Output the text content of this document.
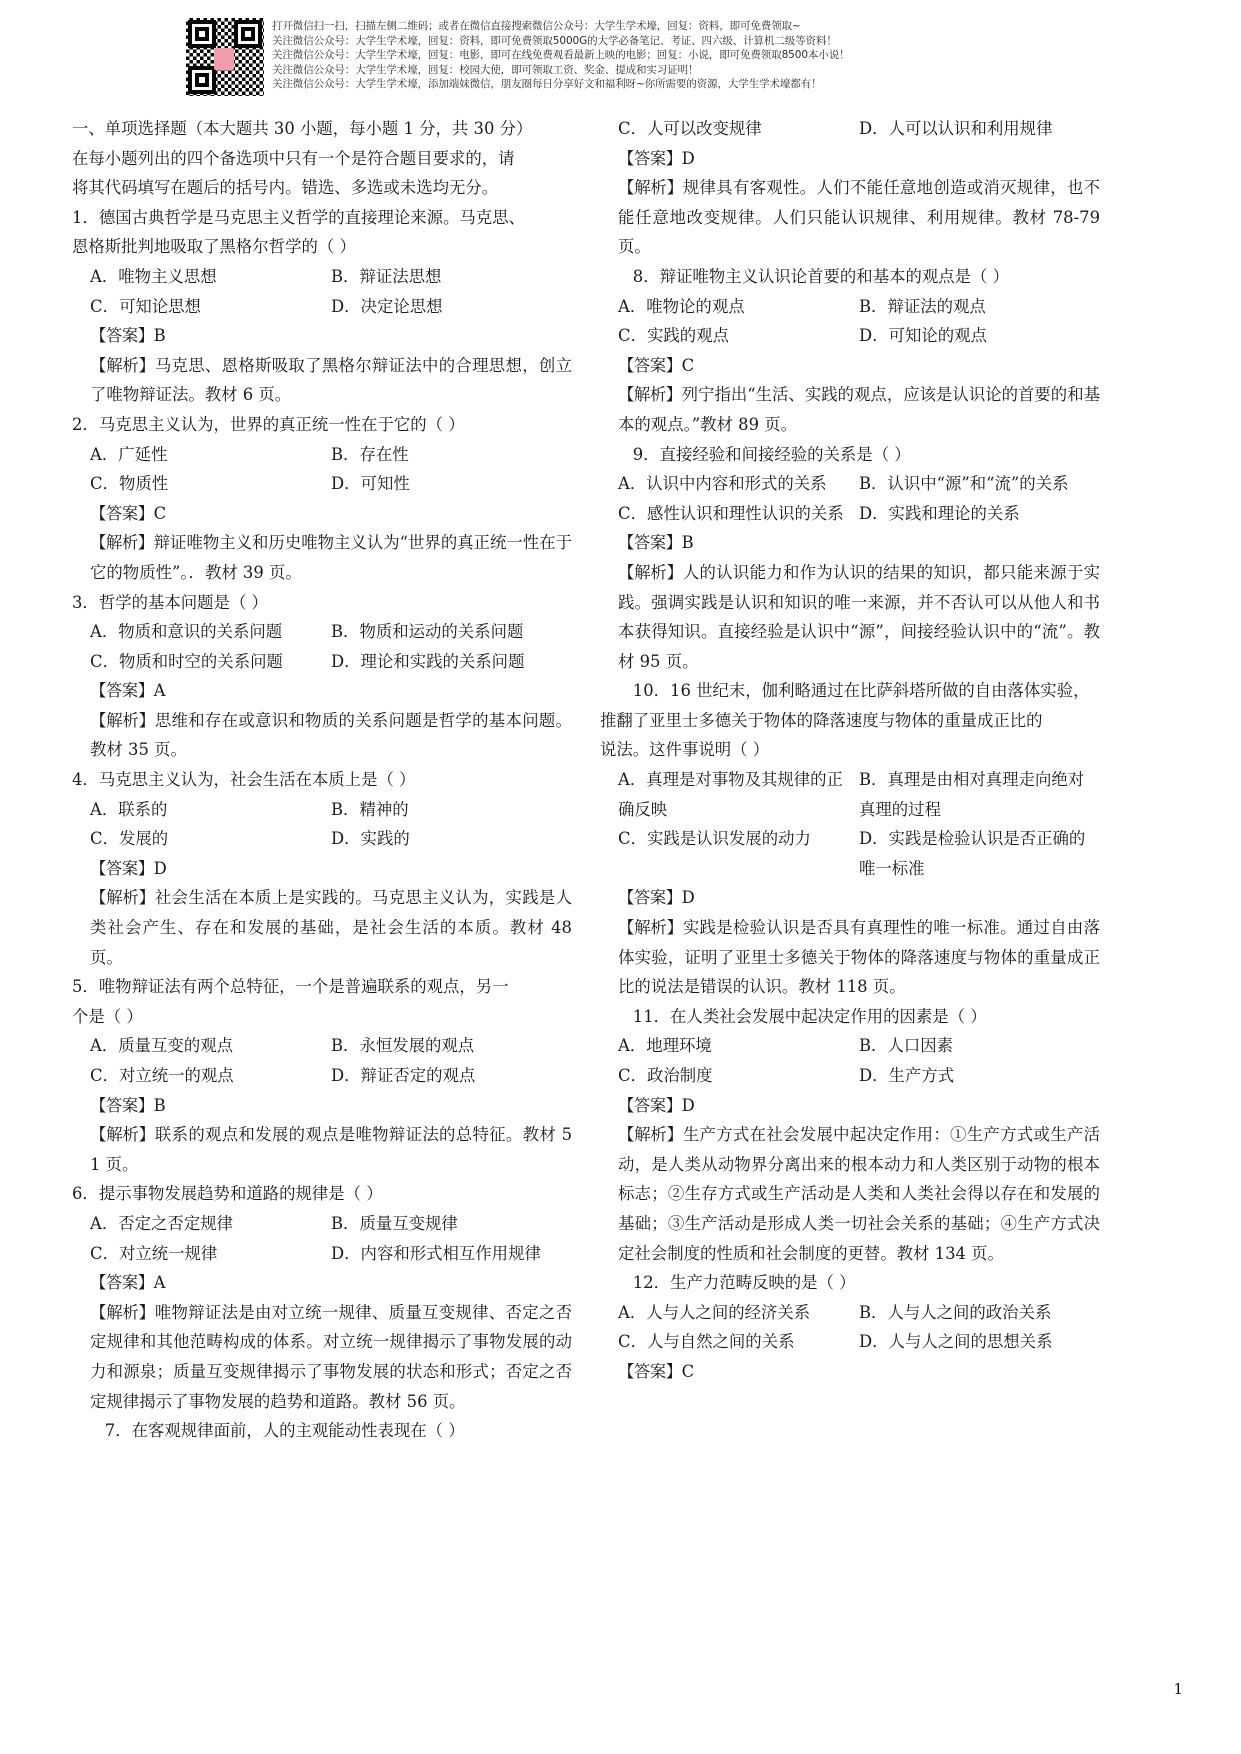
打开微信扫一扫，扫描左侧二维码；或者在微信直接搜索微信公众号：大学生学术壕，回复：资料，即可免费领取~
关注微信公众号：大学生学术壕，回复：资料，即可免费领取5000G的大学必备笔记、考证、四六级、计算机二级等资料！
关注微信公众号：大学生学术壕，回复：电影，即可在线免费观看最新上映的电影；回复：小说，即可免费领取8500本小说！
关注微信公众号：大学生学术壕，回复：校园大使，即可领取工资、奖金、提成和实习证明！
关注微信公众号：大学生学术壕，添加端妹微信，朋友圈每日分享好文和福利呀~你所需要的资源，大学生学术壕都有！

一、单项选择题（本大题共 30 小题，每小题 1 分，共 30 分）

在每小题列出的四个备选项中只有一个是符合题目要求的，请

将其代码填写在题后的括号内。错选、多选或未选均无分。

1．德国古典哲学是马克思主义哲学的直接理论来源。马克思、

恩格斯批判地吸取了黑格尔哲学的（ ）

A．唯物主义思想	B．辩证法思想
C．可知论思想	D．决定论思想

【答案】B

【解析】马克思、恩格斯吸取了黑格尔辩证法中的合理思想，创立了唯物辩证法。教材 6 页。

2．马克思主义认为，世界的真正统一性在于它的（ ）

A．广延性	B．存在性
C．物质性	D．可知性

【答案】C

【解析】辩证唯物主义和历史唯物主义认为“世界的真正统一性在于它的物质性”。．教材 39 页。

3．哲学的基本问题是（ ）

A．物质和意识的关系问题	B．物质和运动的关系问题
C．物质和时空的关系问题	D．理论和实践的关系问题

【答案】A

【解析】思维和存在或意识和物质的关系问题是哲学的基本问题。教材 35 页。

4．马克思主义认为，社会生活在本质上是（ ）

A．联系的	B．精神的
C．发展的	D．实践的

【答案】D

【解析】社会生活在本质上是实践的。马克思主义认为，实践是人类社会产生、存在和发展的基础，是社会生活的本质。教材 48 页。

5．唯物辩证法有两个总特征，一个是普遍联系的观点，另一

个是（ ）

A．质量互变的观点	B．永恒发展的观点
C．对立统一的观点	D．辩证否定的观点

【答案】B

【解析】联系的观点和发展的观点是唯物辩证法的总特征。教材 51 页。

6．提示事物发展趋势和道路的规律是（ ）

A．否定之否定规律	B．质量互变规律
C．对立统一规律	D．内容和形式相互作用规律

【答案】A

【解析】唯物辩证法是由对立统一规律、质量互变规律、否定之否定规律和其他范畴构成的体系。对立统一规律揭示了事物发展的动力和源泉；质量互变规律揭示了事物发展的状态和形式；否定之否定规律揭示了事物发展的趋势和道路。教材 56 页。

7．在客观规律面前，人的主观能动性表现在（ ）

C．人可以改变规律	D．人可以认识和利用规律

【答案】D

【解析】规律具有客观性。人们不能任意地创造或消灭规律，也不能任意地改变规律。人们只能认识规律、利用规律。教材 78-79 页。

8．辩证唯物主义认识论首要的和基本的观点是（ ）

A．唯物论的观点	B．辩证法的观点
C．实践的观点	D．可知论的观点

【答案】C

【解析】列宁指出“生活、实践的观点，应该是认识论的首要的和基本的观点。”教材 89 页。

9．直接经验和间接经验的关系是（ ）

A．认识中内容和形式的关系	B．认识中“源”和“流”的关系
C．感性认识和理性认识的关系 D．实践和理论的关系

【答案】B

【解析】人的认识能力和作为认识的结果的知识，都只能来源于实践。强调实践是认识和知识的唯一来源，并不否认可以从他人和书本获得知识。直接经验是认识中“源”，间接经验认识中的“流”。教材 95 页。

10．16 世纪末，伽利略通过在比萨斜塔所做的自由落体实验，

推翻了亚里士多德关于物体的降落速度与物体的重量成正比的

说法。这件事说明（ ）

A．真理是对事物及其规律的正确反映
B．真理是由相对真理走向绝对真理的过程
C．实践是认识发展的动力	D．实践是检验认识是否正确的唯一标准

【答案】D

【解析】实践是检验认识是否具有真理性的唯一标准。通过自由落体实验，证明了亚里士多德关于物体的降落速度与物体的重量成正比的说法是错误的认识。教材 118 页。

11．在人类社会发展中起决定作用的因素是（ ）

A．地理环境	B．人口因素
C．政治制度	D．生产方式

【答案】D

【解析】生产方式在社会发展中起决定作用：①生产方式或生产活动，是人类从动物界分离出来的根本动力和人类区别于动物的根本标志；②生存方式或生产活动是人类和人类社会得以存在和发展的基础；③生产活动是形成人类一切社会关系的基础；④生产方式决定社会制度的性质和社会制度的更替。教材 134 页。

12．生产力范畴反映的是（ ）

A．人与人之间的经济关系	B．人与人之间的政治关系
C．人与自然之间的关系	D．人与人之间的思想关系

【答案】C

1
